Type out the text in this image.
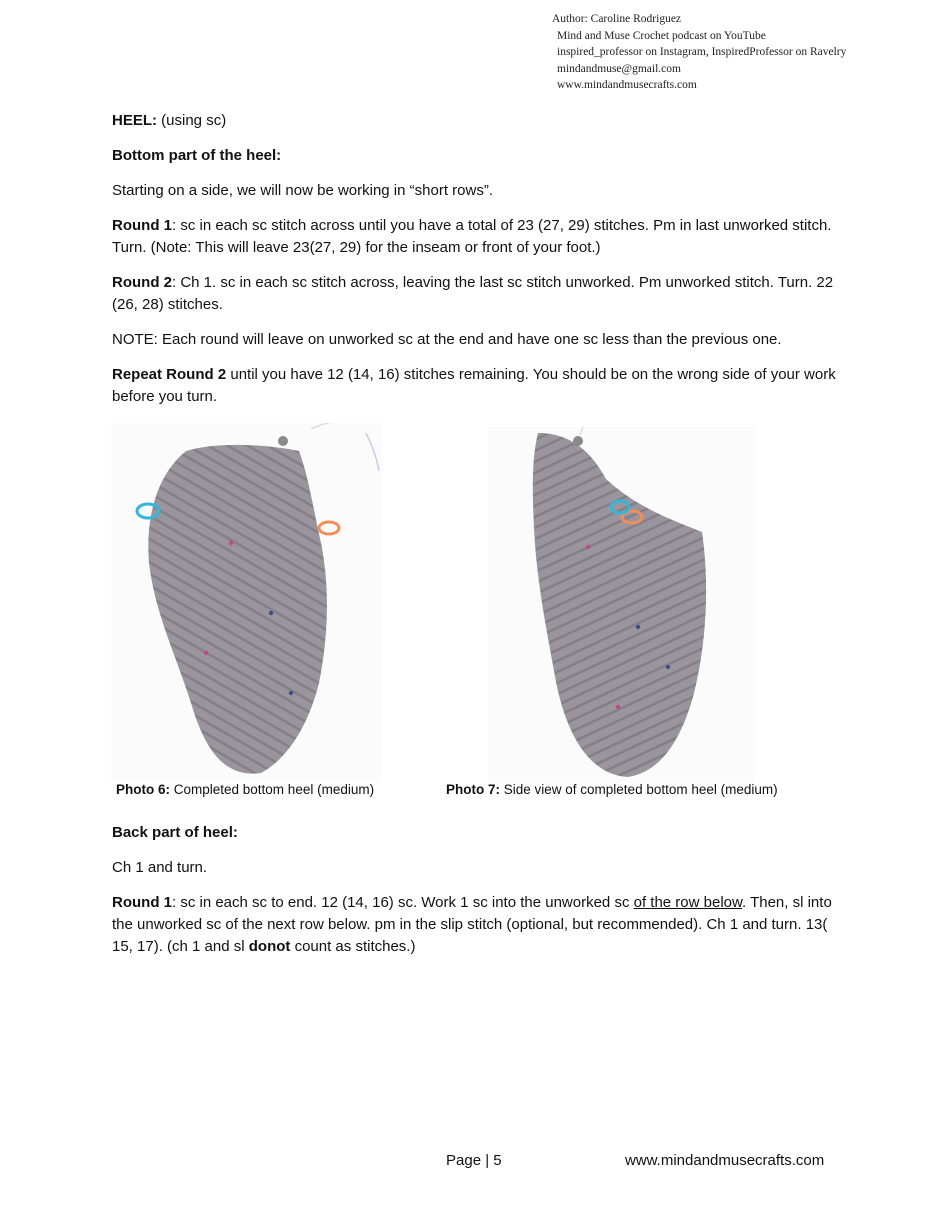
Author: Caroline Rodriguez
Mind and Muse Crochet podcast on YouTube
inspired_professor on Instagram, InspiredProfessor on Ravelry
mindandmuse@gmail.com
www.mindandmusecrafts.com

HEEL: (using sc)

Bottom part of the heel:

Starting on a side, we will now be working in “short rows”.

Round 1: sc in each sc stitch across until you have a total of 23 (27, 29) stitches. Pm in last unworked stitch. Turn. (Note: This will leave 23(27, 29) for the inseam or front of your foot.)

Round 2: Ch 1. sc in each sc stitch across, leaving the last sc stitch unworked. Pm unworked stitch. Turn. 22 (26, 28) stitches.

NOTE: Each round will leave on unworked sc at the end and have one sc less than the previous one.

Repeat Round 2 until you have 12 (14, 16) stitches remaining. You should be on the wrong side of your work before you turn.

Photo 6: Completed bottom heel (medium)	Photo 7: Side view of completed bottom heel (medium)

Back part of heel:

Ch 1 and turn.

Round 1: sc in each sc to end. 12 (14, 16) sc. Work 1 sc into the unworked sc of the row below. Then, sl into the unworked sc of the next row below. pm in the slip stitch (optional, but recommended). Ch 1 and turn. 13( 15, 17). (ch 1 and sl donot count as stitches.)

Page | 5	www.mindandmusecrafts.com
